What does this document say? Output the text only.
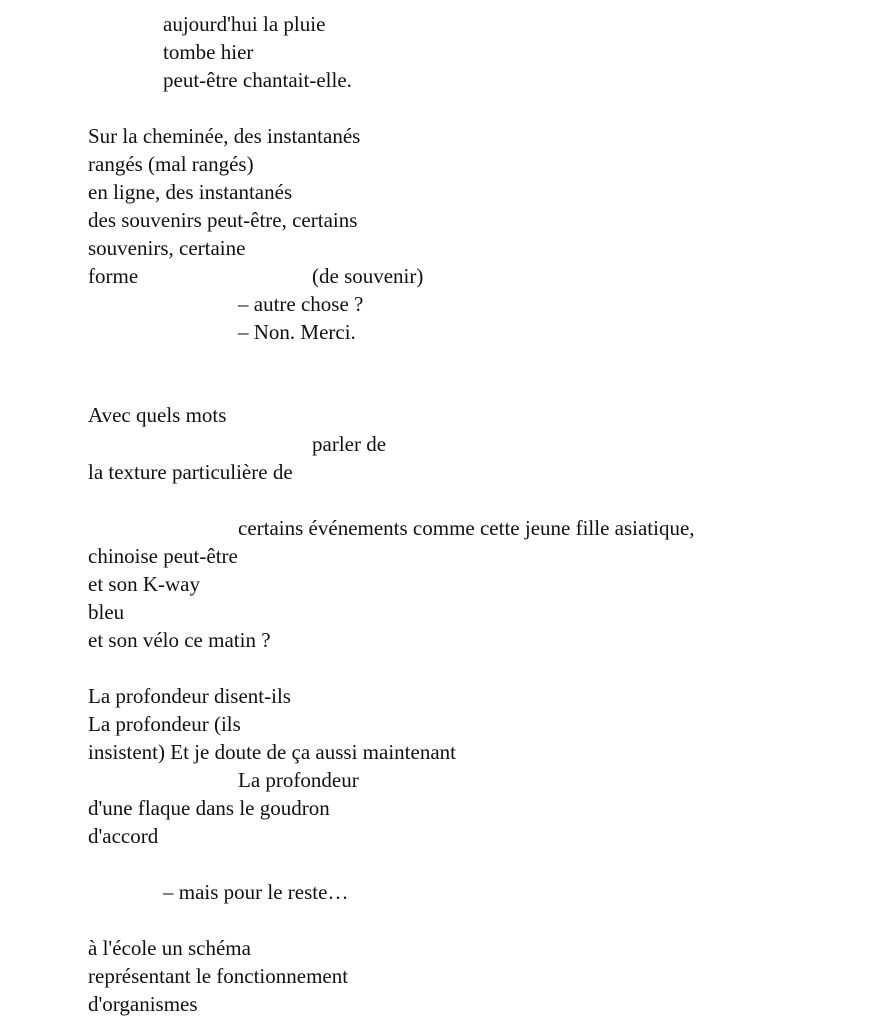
aujourd'hui la pluie
tombe hier
peut-être chantait-elle.
Sur la cheminée, des instantanés
rangés (mal rangés)
en ligne, des instantanés
des souvenirs peut-être, certains
souvenirs, certaine
forme	(de souvenir)
– autre chose ?
– Non. Merci.
Avec quels mots
parler de
la texture particulière de
certains événements comme cette jeune fille asiatique,
chinoise peut-être
et son K-way
bleu
et son vélo ce matin ?
La profondeur disent-ils
La profondeur (ils
insistent) Et je doute de ça aussi maintenant
La profondeur
d'une flaque dans le goudron
d'accord
– mais pour le reste…
à l'école un schéma
représentant le fonctionnement
d'organismes
